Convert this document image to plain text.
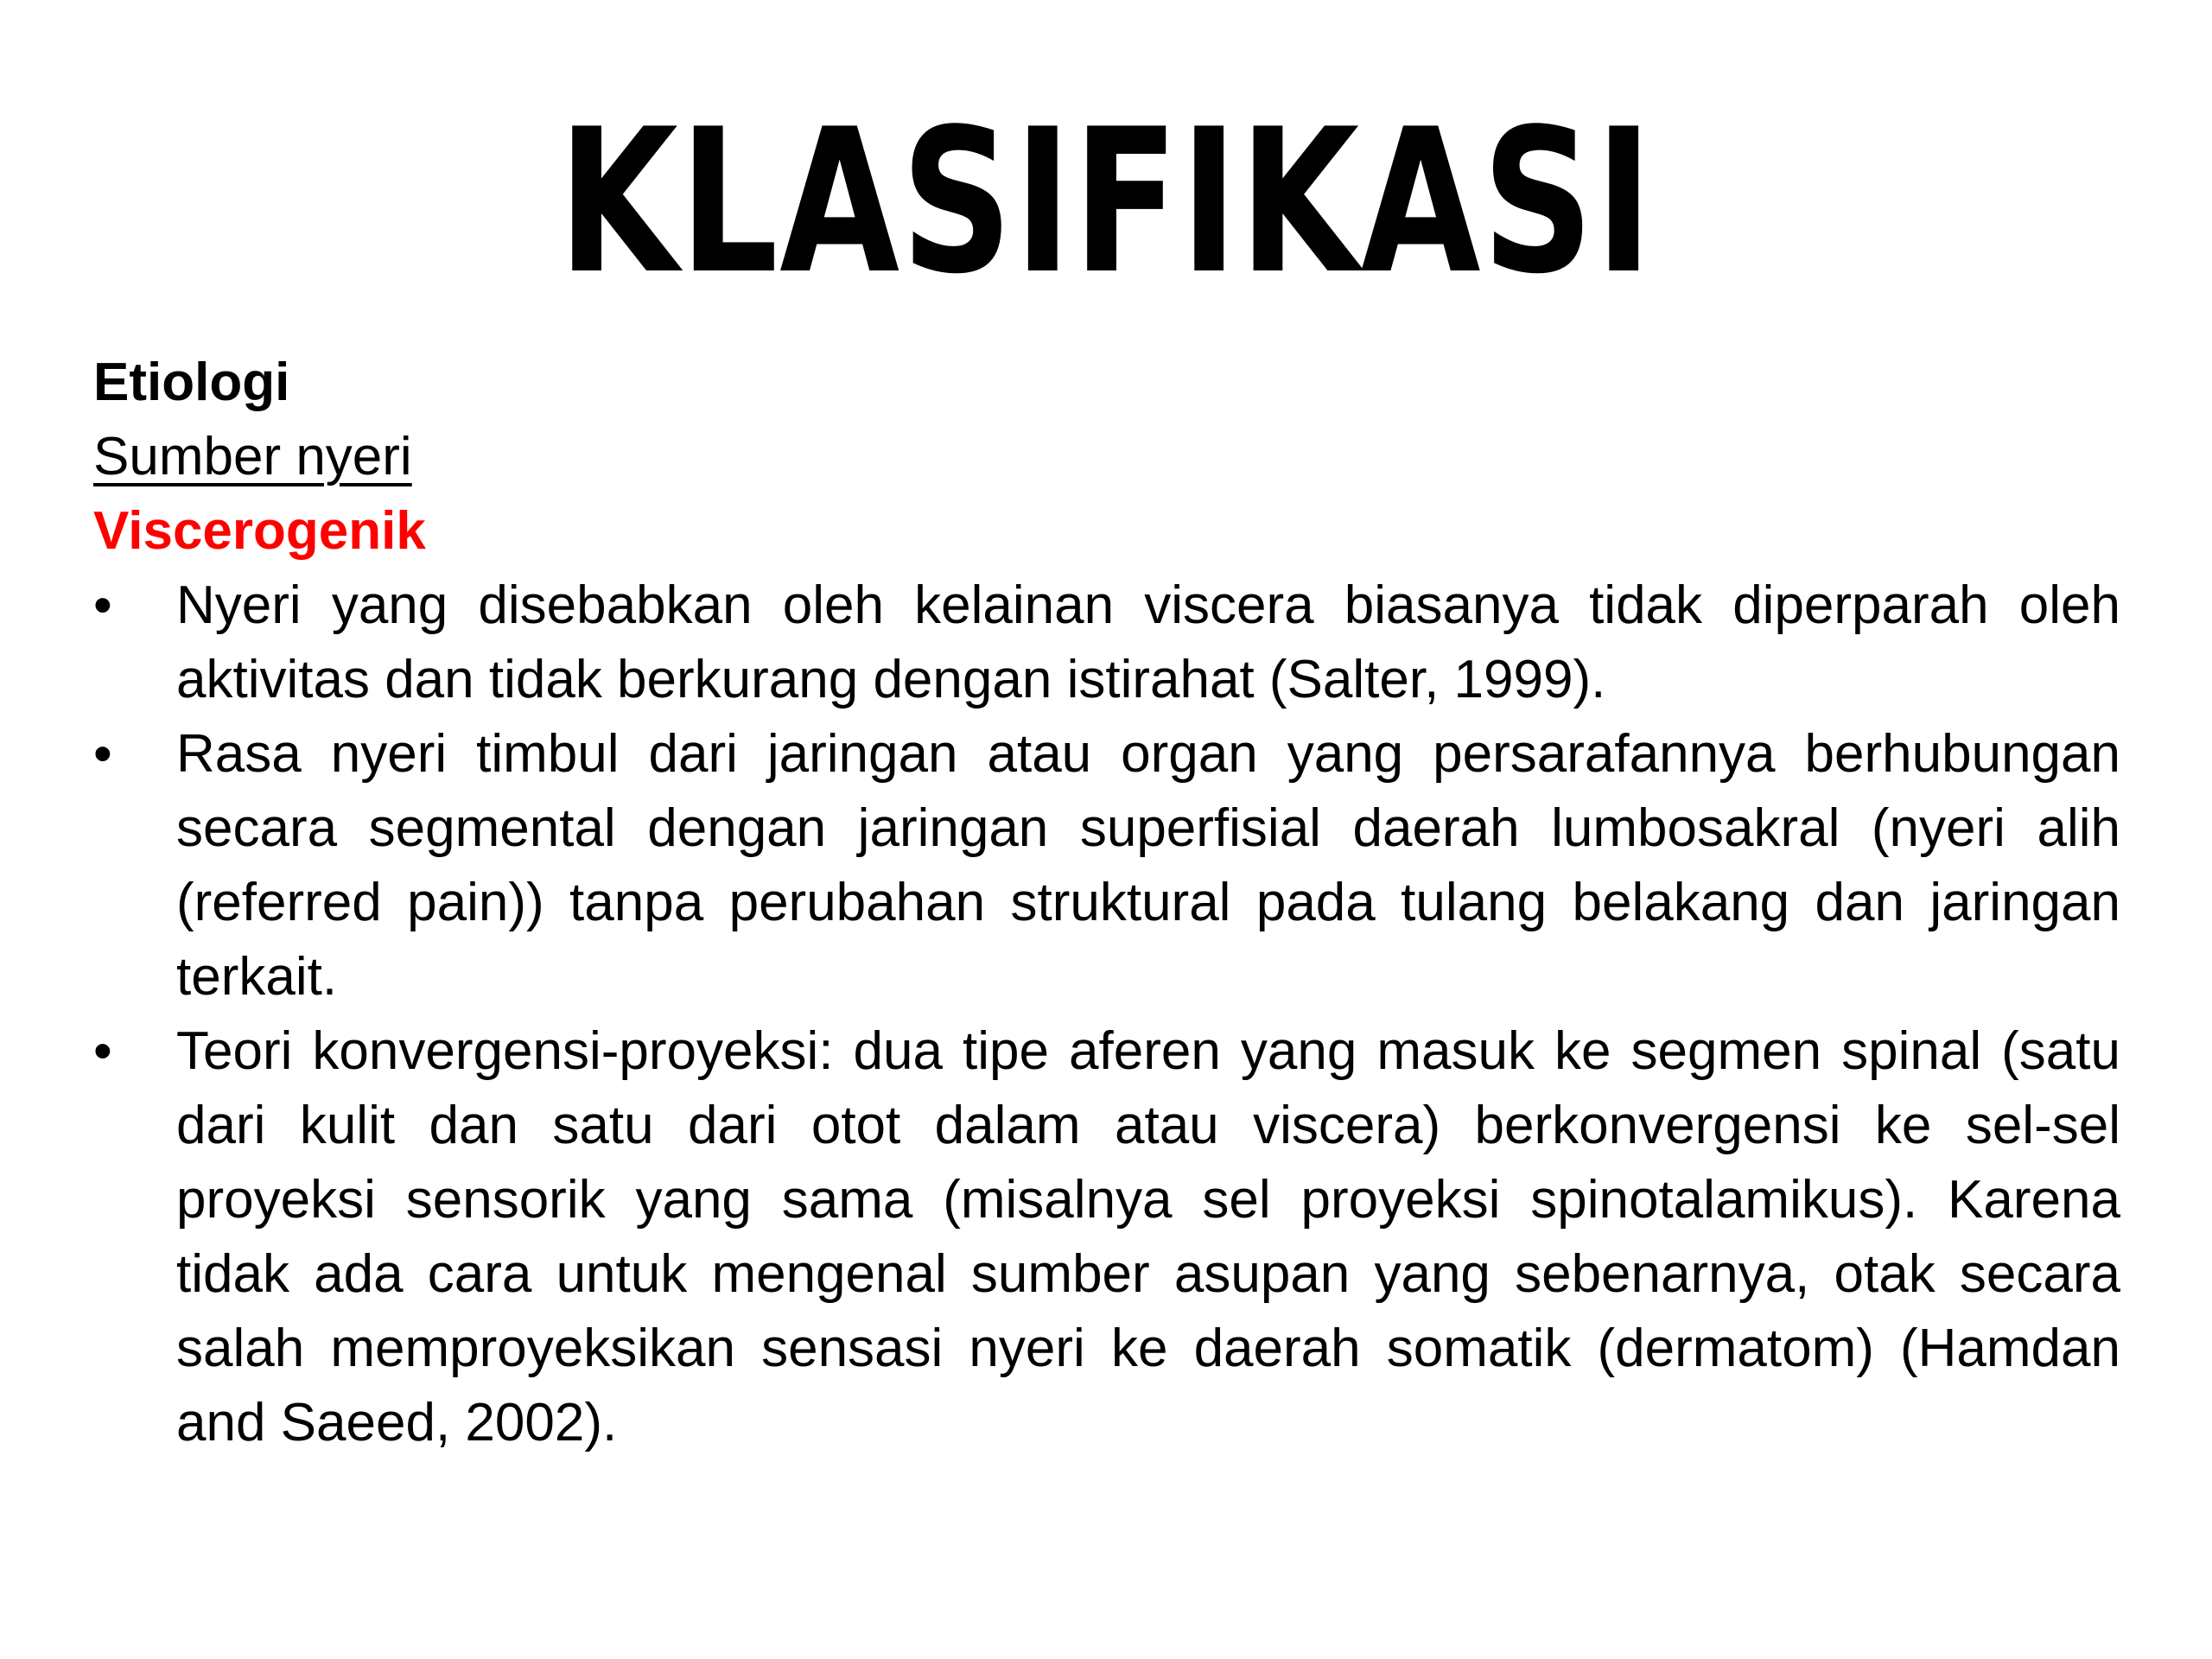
KLASIFIKASI

Etiologi

Sumber nyeri

Viscerogenik

• Nyeri yang disebabkan oleh kelainan viscera biasanya tidak diperparah oleh aktivitas dan tidak berkurang dengan istirahat (Salter, 1999).
• Rasa nyeri timbul dari jaringan atau organ yang persarafannya berhubungan secara segmental dengan jaringan superfisial daerah lumbosakral (nyeri alih (referred pain)) tanpa perubahan struktural pada tulang belakang dan jaringan terkait.
• Teori konvergensi-proyeksi: dua tipe aferen yang masuk ke segmen spinal (satu dari kulit dan satu dari otot dalam atau viscera) berkonvergensi ke sel-sel proyeksi sensorik yang sama (misalnya sel proyeksi spinotalamikus). Karena tidak ada cara untuk mengenal sumber asupan yang sebenarnya, otak secara salah memproyeksikan sensasi nyeri ke daerah somatik (dermatom) (Hamdan and Saeed, 2002).
